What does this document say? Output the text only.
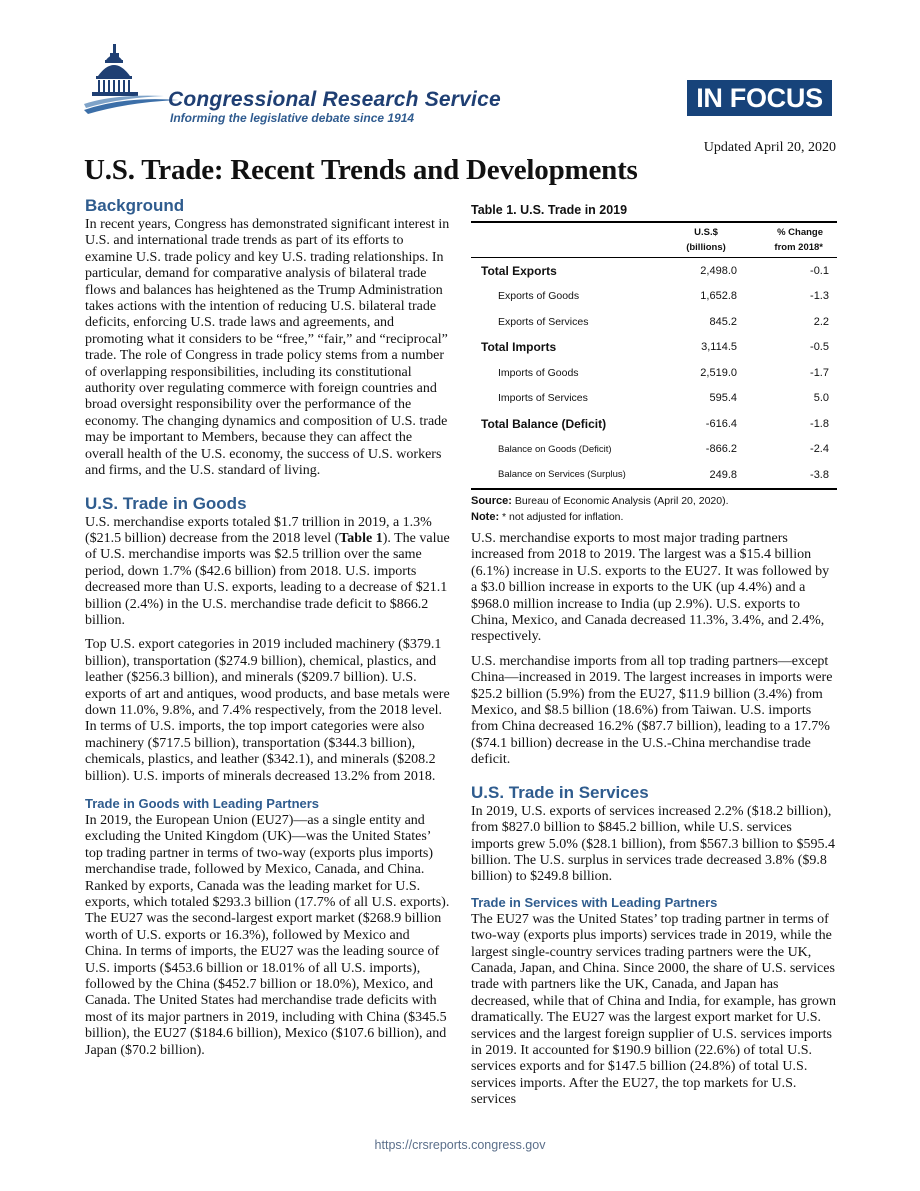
Congressional Research Service
Informing the legislative debate since 1914
IN FOCUS
Updated April 20, 2020
U.S. Trade: Recent Trends and Developments
Background

In recent years, Congress has demonstrated significant interest in U.S. and international trade trends as part of its efforts to examine U.S. trade policy and key U.S. trading relationships. In particular, demand for comparative analysis of bilateral trade flows and balances has heightened as the Trump Administration takes actions with the intention of reducing U.S. bilateral trade deficits, enforcing U.S. trade laws and agreements, and promoting what it considers to be “free,” “fair,” and “reciprocal” trade. The role of Congress in trade policy stems from a number of overlapping responsibilities, including its constitutional authority over regulating commerce with foreign countries and broad oversight responsibility over the performance of the economy. The changing dynamics and composition of U.S. trade may be important to Members, because they can affect the overall health of the U.S. economy, the success of U.S. workers and firms, and the U.S. standard of living.

U.S. Trade in Goods

U.S. merchandise exports totaled $1.7 trillion in 2019, a 1.3% ($21.5 billion) decrease from the 2018 level (Table 1). The value of U.S. merchandise imports was $2.5 trillion over the same period, down 1.7% ($42.6 billion) from 2018. U.S. imports decreased more than U.S. exports, leading to a decrease of $21.1 billion (2.4%) in the U.S. merchandise trade deficit to $866.2 billion.

Top U.S. export categories in 2019 included machinery ($379.1 billion), transportation ($274.9 billion), chemical, plastics, and leather ($256.3 billion), and minerals ($209.7 billion). U.S. exports of art and antiques, wood products, and base metals were down 11.0%, 9.8%, and 7.4% respectively, from the 2018 level. In terms of U.S. imports, the top import categories were also machinery ($717.5 billion), transportation ($344.3 billion), chemicals, plastics, and leather ($342.1), and minerals ($208.2 billion). U.S. imports of minerals decreased 13.2% from 2018.

Trade in Goods with Leading Partners

In 2019, the European Union (EU27)—as a single entity and excluding the United Kingdom (UK)—was the United States’ top trading partner in terms of two-way (exports plus imports) merchandise trade, followed by Mexico, Canada, and China. Ranked by exports, Canada was the leading market for U.S. exports, which totaled $293.3 billion (17.7% of all U.S. exports). The EU27 was the second-largest export market ($268.9 billion worth of U.S. exports or 16.3%), followed by Mexico and China. In terms of imports, the EU27 was the leading source of U.S. imports ($453.6 billion or 18.01% of all U.S. imports), followed by the China ($452.7 billion or 18.0%), Mexico, and Canada. The United States had merchandise trade deficits with most of its major partners in 2019, including with China ($345.5 billion), the EU27 ($184.6 billion), Mexico ($107.6 billion), and Japan ($70.2 billion).

Table 1. U.S. Trade in 2019
U.S.$
(billions)
% Change
from 2018*
Total Exports	2,498.0	-0.1
Exports of Goods	1,652.8	-1.3
Exports of Services	845.2	2.2
Total Imports	3,114.5	-0.5
Imports of Goods	2,519.0	-1.7
Imports of Services	595.4	5.0
Total Balance (Deficit)	-616.4	-1.8
Balance on Goods (Deficit)	-866.2	-2.4
Balance on Services (Surplus)	249.8	-3.8
Source: Bureau of Economic Analysis (April 20, 2020).
Note: * not adjusted for inflation.

U.S. merchandise exports to most major trading partners increased from 2018 to 2019. The largest was a $15.4 billion (6.1%) increase in U.S. exports to the EU27. It was followed by a $3.0 billion increase in exports to the UK (up 4.4%) and a $968.0 million increase to India (up 2.9%). U.S. exports to China, Mexico, and Canada decreased 11.3%, 3.4%, and 2.4%, respectively.

U.S. merchandise imports from all top trading partners—except China—increased in 2019. The largest increases in imports were $25.2 billion (5.9%) from the EU27, $11.9 billion (3.4%) from Mexico, and $8.5 billion (18.6%) from Taiwan. U.S. imports from China decreased 16.2% ($87.7 billion), leading to a 17.7% ($74.1 billion) decrease in the U.S.-China merchandise trade deficit.

U.S. Trade in Services

In 2019, U.S. exports of services increased 2.2% ($18.2 billion), from $827.0 billion to $845.2 billion, while U.S. services imports grew 5.0% ($28.1 billion), from $567.3 billion to $595.4 billion. The U.S. surplus in services trade decreased 3.8% ($9.8 billion) to $249.8 billion.

Trade in Services with Leading Partners

The EU27 was the United States’ top trading partner in terms of two-way (exports plus imports) services trade in 2019, while the largest single-country services trading partners were the UK, Canada, Japan, and China. Since 2000, the share of U.S. services trade with partners like the UK, Canada, and Japan has decreased, while that of China and India, for example, has grown dramatically. The EU27 was the largest export market for U.S. services and the largest foreign supplier of U.S. services imports in 2019. It accounted for $190.9 billion (22.6%) of total U.S. services exports and for $147.5 billion (24.8%) of total U.S. services imports. After the EU27, the top markets for U.S. services

https://crsreports.congress.gov
